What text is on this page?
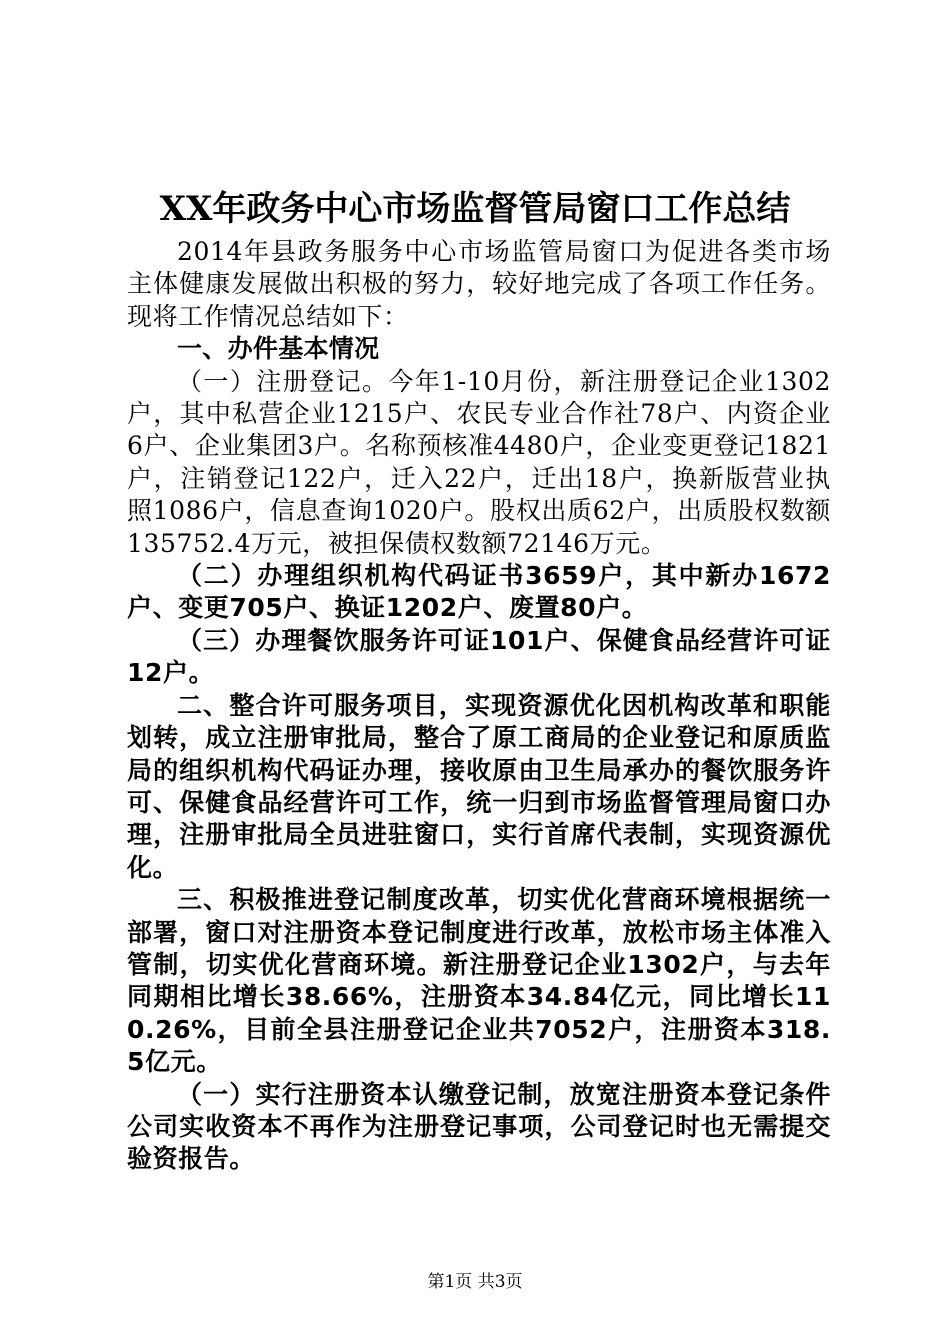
XX年政务中心市场监督管局窗口工作总结

2014年县政务服务中心市场监管局窗口为促进各类市场主体健康发展做出积极的努力，较好地完成了各项工作任务。现将工作情况总结如下：

一、办件基本情况

（一）注册登记。今年1-10月份，新注册登记企业1302户，其中私营企业1215户、农民专业合作社78户、内资企业6户、企业集团3户。名称预核准4480户，企业变更登记1821户，注销登记122户，迁入22户，迁出18户，换新版营业执照1086户，信息查询1020户。股权出质62户，出质股权数额135752.4万元，被担保债权数额72146万元。

（二）办理组织机构代码证书3659户，其中新办1672户、变更705户、换证1202户、废置80户。

（三）办理餐饮服务许可证101户、保健食品经营许可证12户。

二、整合许可服务项目，实现资源优化因机构改革和职能划转，成立注册审批局，整合了原工商局的企业登记和原质监局的组织机构代码证办理，接收原由卫生局承办的餐饮服务许可、保健食品经营许可工作，统一归到市场监督管理局窗口办理，注册审批局全员进驻窗口，实行首席代表制，实现资源优化。

三、积极推进登记制度改革，切实优化营商环境根据统一部署，窗口对注册资本登记制度进行改革，放松市场主体准入管制，切实优化营商环境。新注册登记企业1302户，与去年同期相比增长38.66%，注册资本34.84亿元，同比增长110.26%，目前全县注册登记企业共7052户，注册资本318.5亿元。

（一）实行注册资本认缴登记制，放宽注册资本登记条件公司实收资本不再作为注册登记事项，公司登记时也无需提交验资报告。

第1页 共3页
